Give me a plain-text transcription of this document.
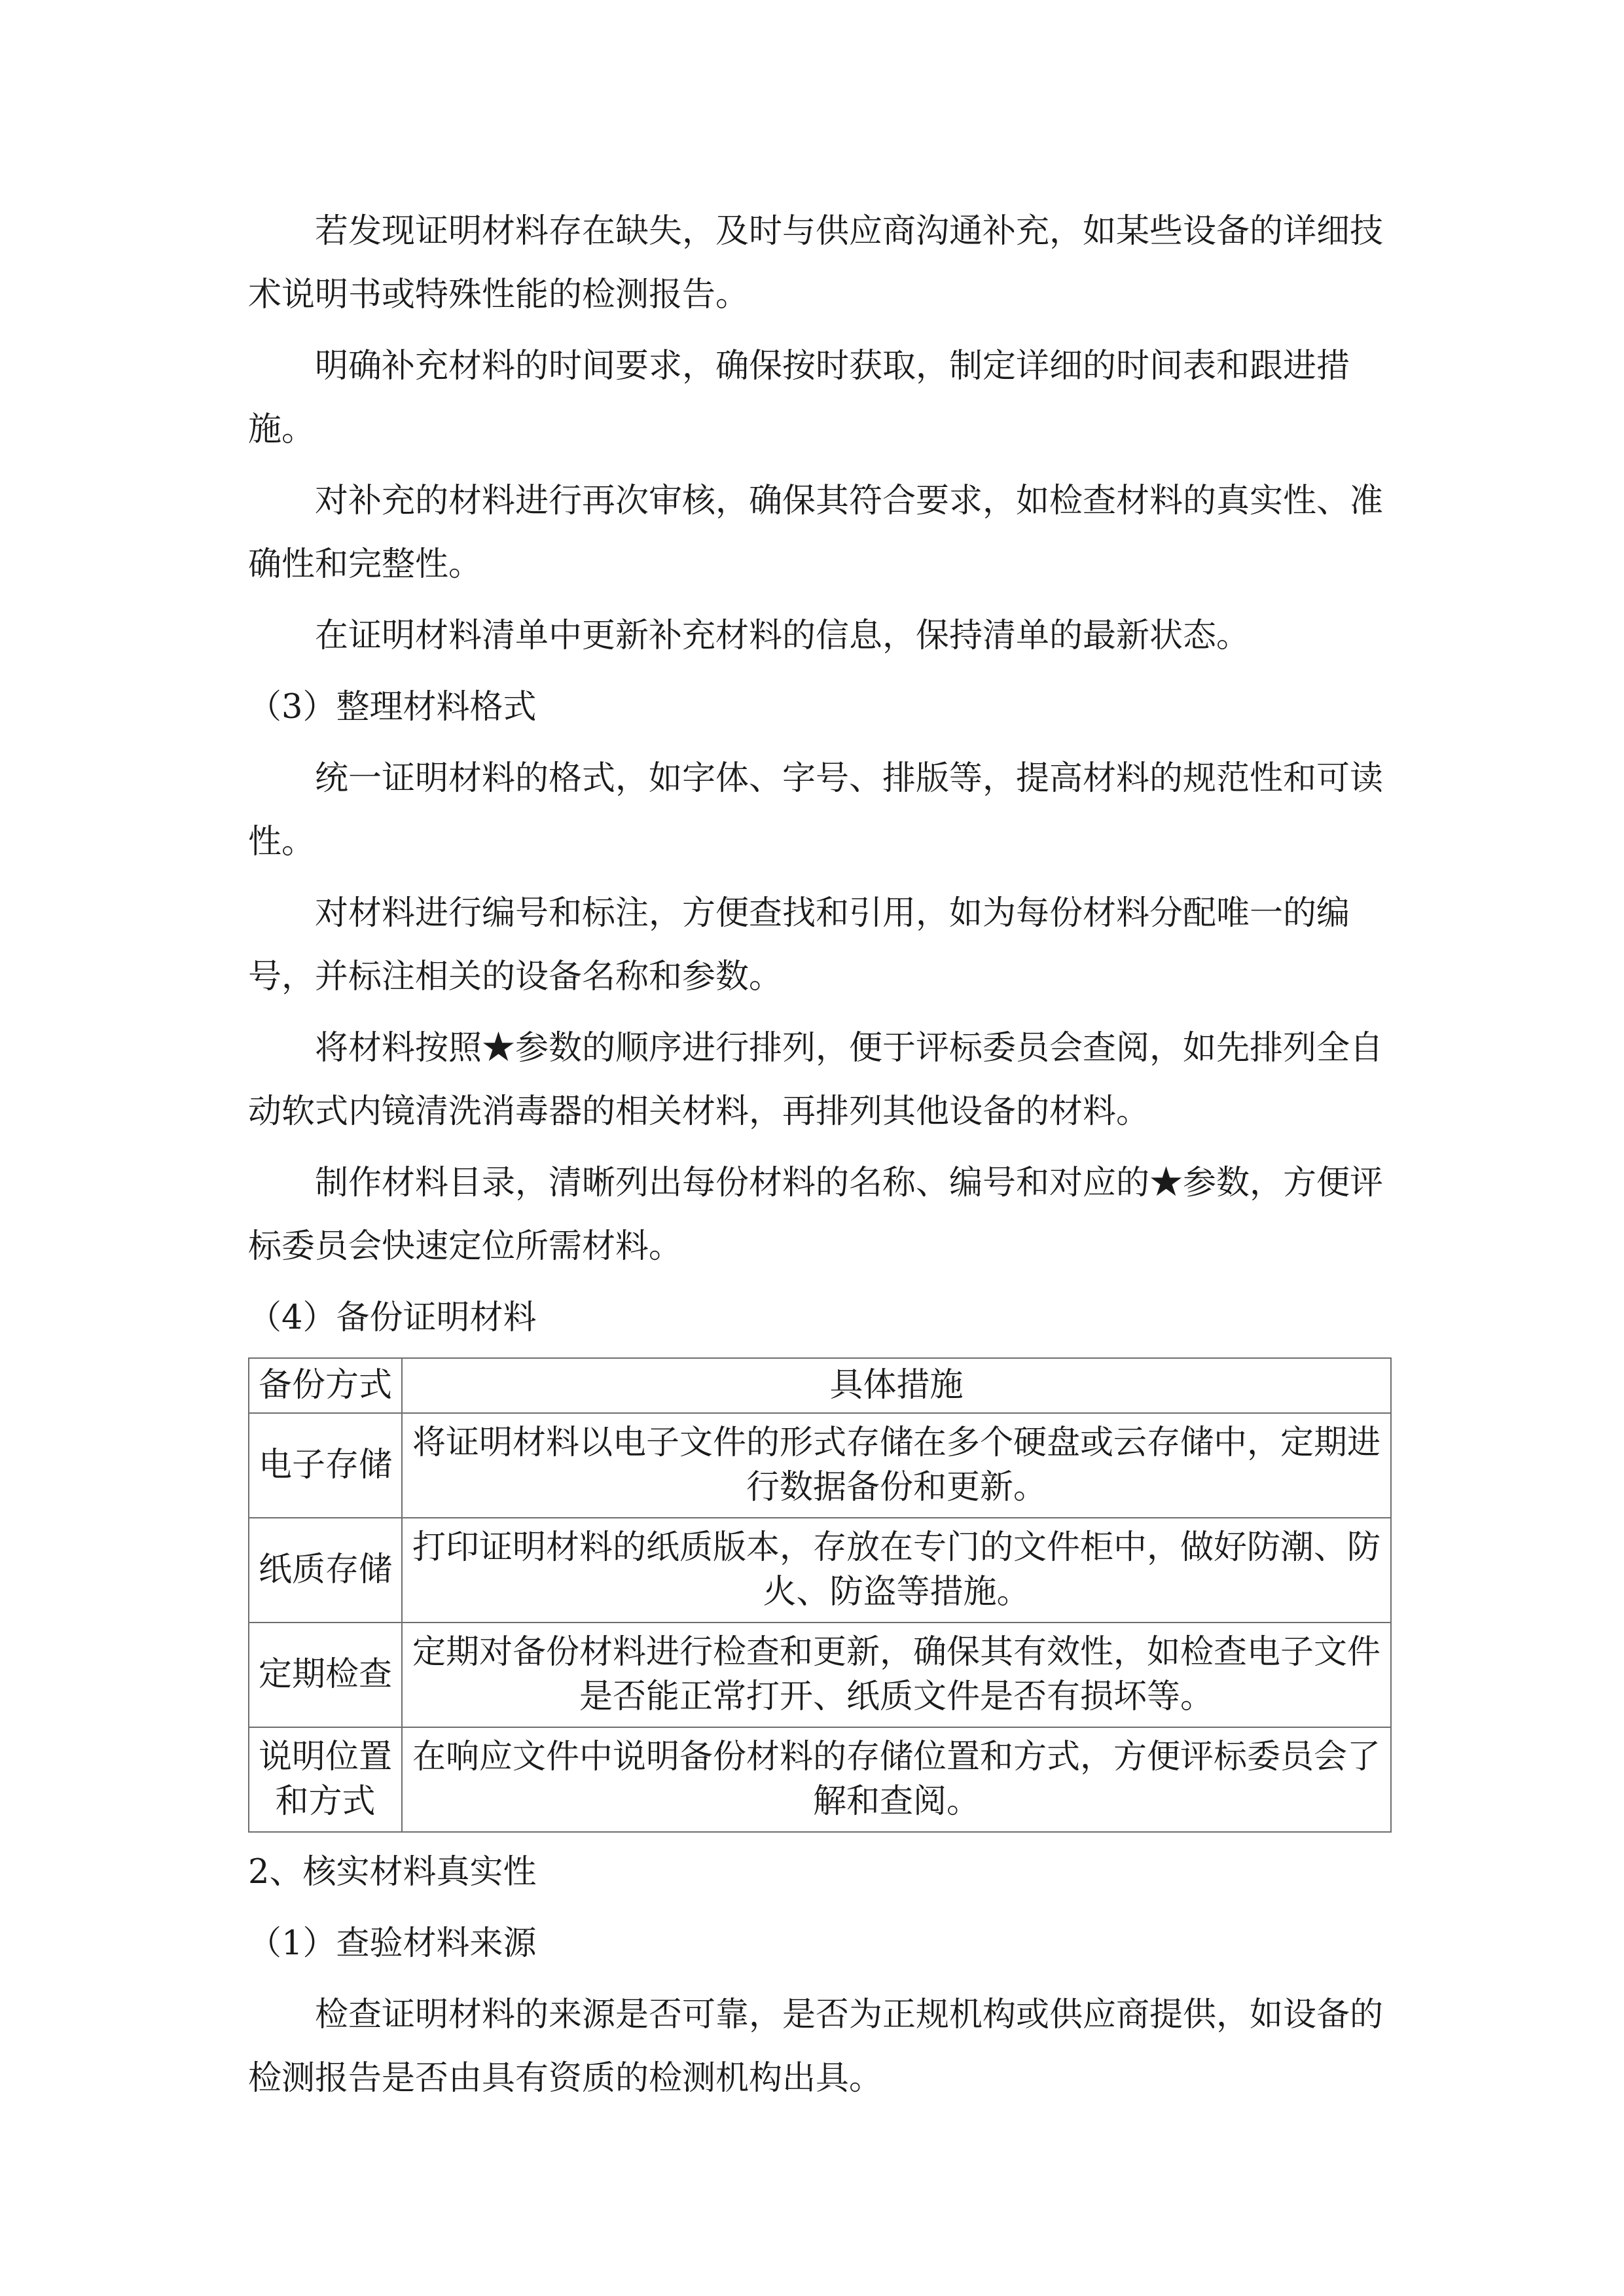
若发现证明材料存在缺失，及时与供应商沟通补充，如某些设备的详细技术说明书或特殊性能的检测报告。

明确补充材料的时间要求，确保按时获取，制定详细的时间表和跟进措施。

对补充的材料进行再次审核，确保其符合要求，如检查材料的真实性、准确性和完整性。

在证明材料清单中更新补充材料的信息，保持清单的最新状态。

（3）整理材料格式

统一证明材料的格式，如字体、字号、排版等，提高材料的规范性和可读性。

对材料进行编号和标注，方便查找和引用，如为每份材料分配唯一的编号，并标注相关的设备名称和参数。

将材料按照★参数的顺序进行排列，便于评标委员会查阅，如先排列全自动软式内镜清洗消毒器的相关材料，再排列其他设备的材料。

制作材料目录，清晰列出每份材料的名称、编号和对应的★参数，方便评标委员会快速定位所需材料。

（4）备份证明材料

备份方式	具体措施
电子存储	将证明材料以电子文件的形式存储在多个硬盘或云存储中，定期进行数据备份和更新。
纸质存储	打印证明材料的纸质版本，存放在专门的文件柜中，做好防潮、防火、防盗等措施。
定期检查	定期对备份材料进行检查和更新，确保其有效性，如检查电子文件是否能正常打开、纸质文件是否有损坏等。
说明位置和方式	在响应文件中说明备份材料的存储位置和方式，方便评标委员会了解和查阅。

2、核实材料真实性

（1）查验材料来源

检查证明材料的来源是否可靠，是否为正规机构或供应商提供，如设备的检测报告是否由具有资质的检测机构出具。
